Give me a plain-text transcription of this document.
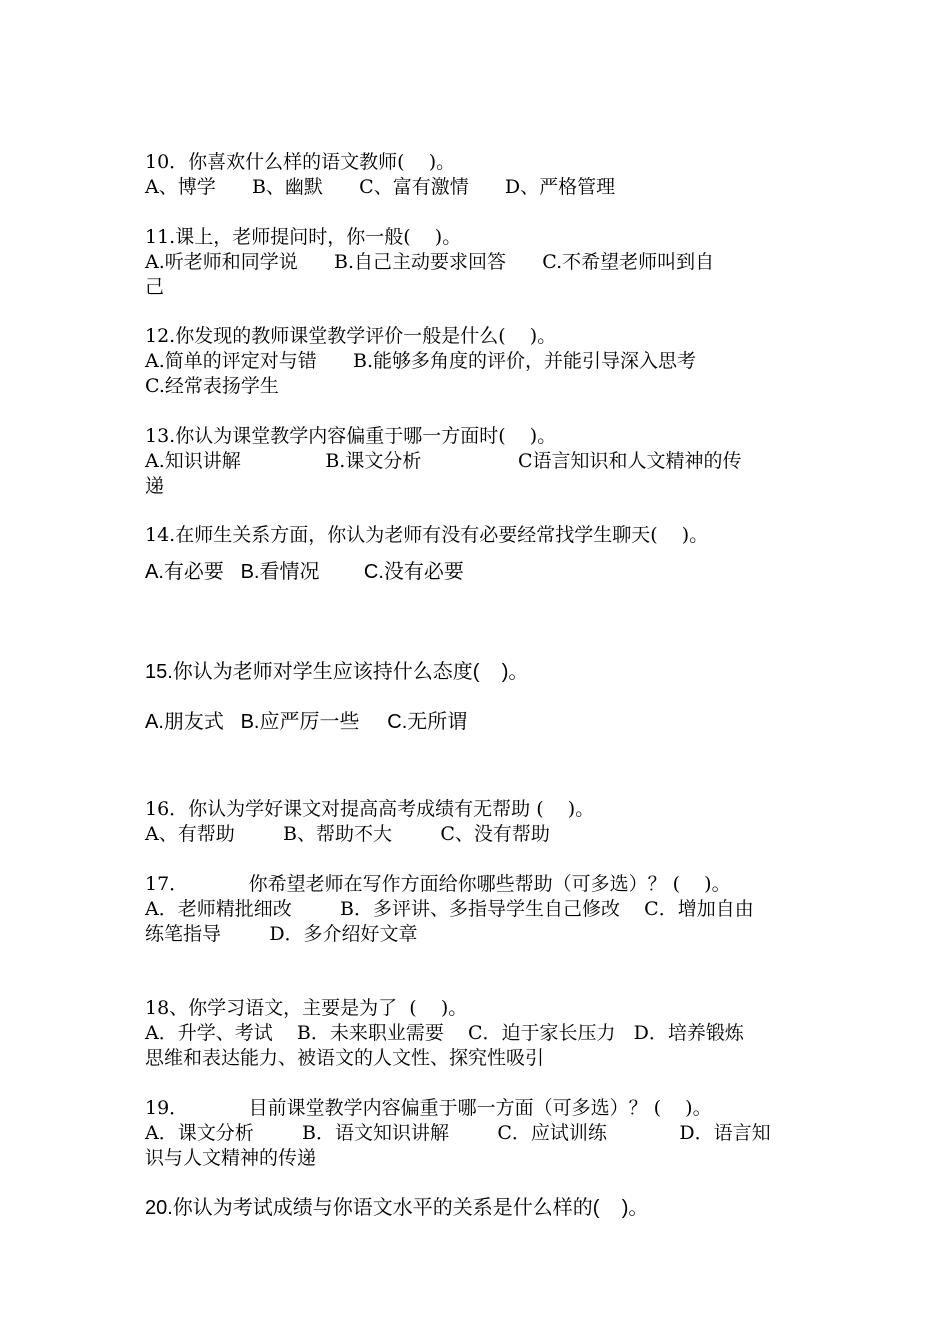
10．你喜欢什么样的语文教师(    )。
A、博学      B、幽默      C、富有激情      D、严格管理
11.课上，老师提问时，你一般(    )。
A.听老师和同学说      B.自己主动要求回答      C.不希望老师叫到自
己
12.你发现的教师课堂教学评价一般是什么(    )。
A.简单的评定对与错      B.能够多角度的评价，并能引导深入思考
C.经常表扬学生
13.你认为课堂教学内容偏重于哪一方面时(    )。
A.知识讲解              B.课文分析                C语言知识和人文精神的传
递
14.在师生关系方面，你认为老师有没有必要经常找学生聊天(    )。
A.有必要   B.看情况        C.没有必要
15.你认为老师对学生应该持什么态度(    )。
A.朋友式   B.应严厉一些     C.无所谓
16．你认为学好课文对提高高考成绩有无帮助 (    )。
A、有帮助        B、帮助不大        C、没有帮助
17．          你希望老师在写作方面给你哪些帮助（可多选）？ (    )。
A．老师精批细改        B．多评讲、多指导学生自己修改    C．增加自由
练笔指导        D．多介绍好文章
18、你学习语文，主要是为了  (    )。
A．升学、考试    B．未来职业需要    C．迫于家长压力   D．培养锻炼
思维和表达能力、被语文的人文性、探究性吸引
19．          目前课堂教学内容偏重于哪一方面（可多选）？ (    )。
A．课文分析        B．语文知识讲解        C．应试训练            D．语言知
识与人文精神的传递
20.你认为考试成绩与你语文水平的关系是什么样的(    )。
